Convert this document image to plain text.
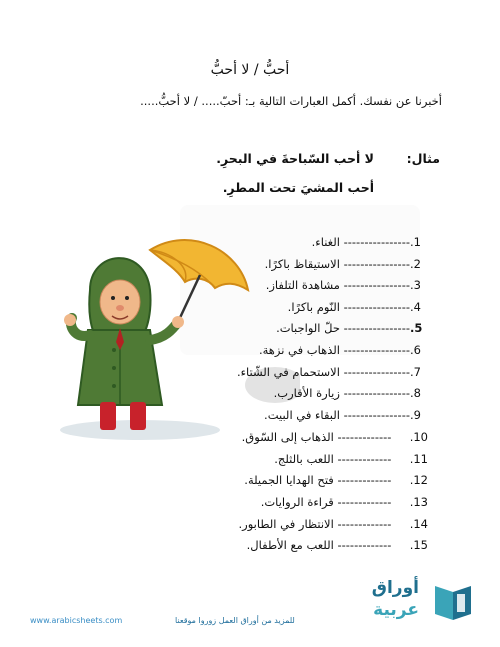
أحبُّ / لا أحبُّ
أخبرنا عن نفسك. أكمل العبارات التالية بـ: أحبّ..... / لا أحبُّ.....
مثال:
لا أحب السّباحةَ في البحرِ.
أحب المشيَ تحت المطرِ.
1.---------------- الغناء.
2.---------------- الاستيقاظ باكرًا.
3.---------------- مشاهدة التلفاز.
4.---------------- النّوم باكرًا.
5.---------------- حلّ الواجبات.
6.---------------- الذهاب في نزهة.
7.---------------- الاستحمام في الشّتاء.
8.---------------- زيارة الأقارب.
9.---------------- البقاء في البيت.
10.     ------------- الذهاب إلى السّوق.
11.     ------------- اللعب بالثلج.
12.     ------------- فتح الهدايا الجميلة.
13.     ------------- قراءة الروايات.
14.     ------------- الانتظار في الطابور.
15.     ------------- اللعب مع الأطفال.
www.arabicsheets.com	للمزيد من أوراق العمل زوروا موقعنا
أوراق
عربية
